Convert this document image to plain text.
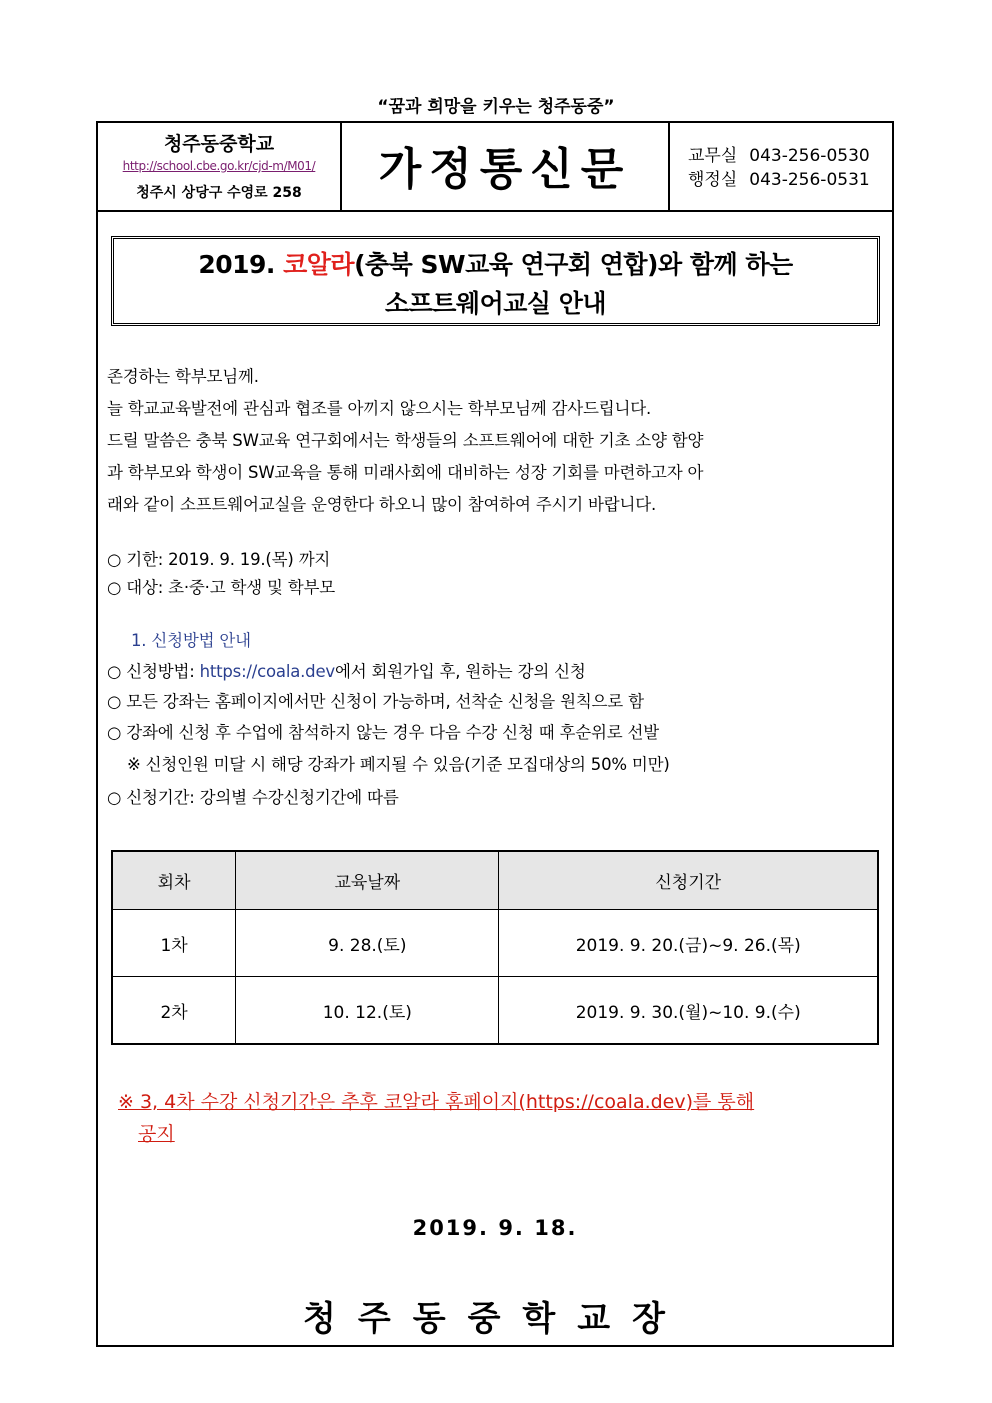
“꿈과 희망을 키우는 청주동중”
청주동중학교
http://school.cbe.go.kr/cjd-m/M01/
청주시 상당구 수영로 258	가정통신문	교무실 043-256-0530
행정실 043-256-0531
2019. 코알라(충북 SW교육 연구회 연합)와 함께 하는
소프트웨어교실 안내
존경하는 학부모님께.
늘 학교교육발전에 관심과 협조를 아끼지 않으시는 학부모님께 감사드립니다.
드릴 말씀은 충북 SW교육 연구회에서는 학생들의 소프트웨어에 대한 기초 소양 함양
과 학부모와 학생이 SW교육을 통해 미래사회에 대비하는 성장 기회를 마련하고자 아
래와 같이 소프트웨어교실을 운영한다 하오니 많이 참여하여 주시기 바랍니다.
○ 기한: 2019. 9. 19.(목) 까지
○ 대상: 초·중·고 학생 및 학부모
1. 신청방법 안내
○ 신청방법: https://coala.dev에서 회원가입 후, 원하는 강의 신청
○ 모든 강좌는 홈페이지에서만 신청이 가능하며, 선착순 신청을 원칙으로 함
○ 강좌에 신청 후 수업에 참석하지 않는 경우 다음 수강 신청 때 후순위로 선발
※ 신청인원 미달 시 해당 강좌가 폐지될 수 있음(기준 모집대상의 50% 미만)
○ 신청기간: 강의별 수강신청기간에 따름
회차	교육날짜	신청기간
1차	9. 28.(토)	2019. 9. 20.(금)~9. 26.(목)
2차	10. 12.(토)	2019. 9. 30.(월)~10. 9.(수)
※ 3, 4차 수강 신청기간은 추후 코알라 홈페이지(https://coala.dev)를 통해
공지
2019. 9. 18.
청주동중학교장
